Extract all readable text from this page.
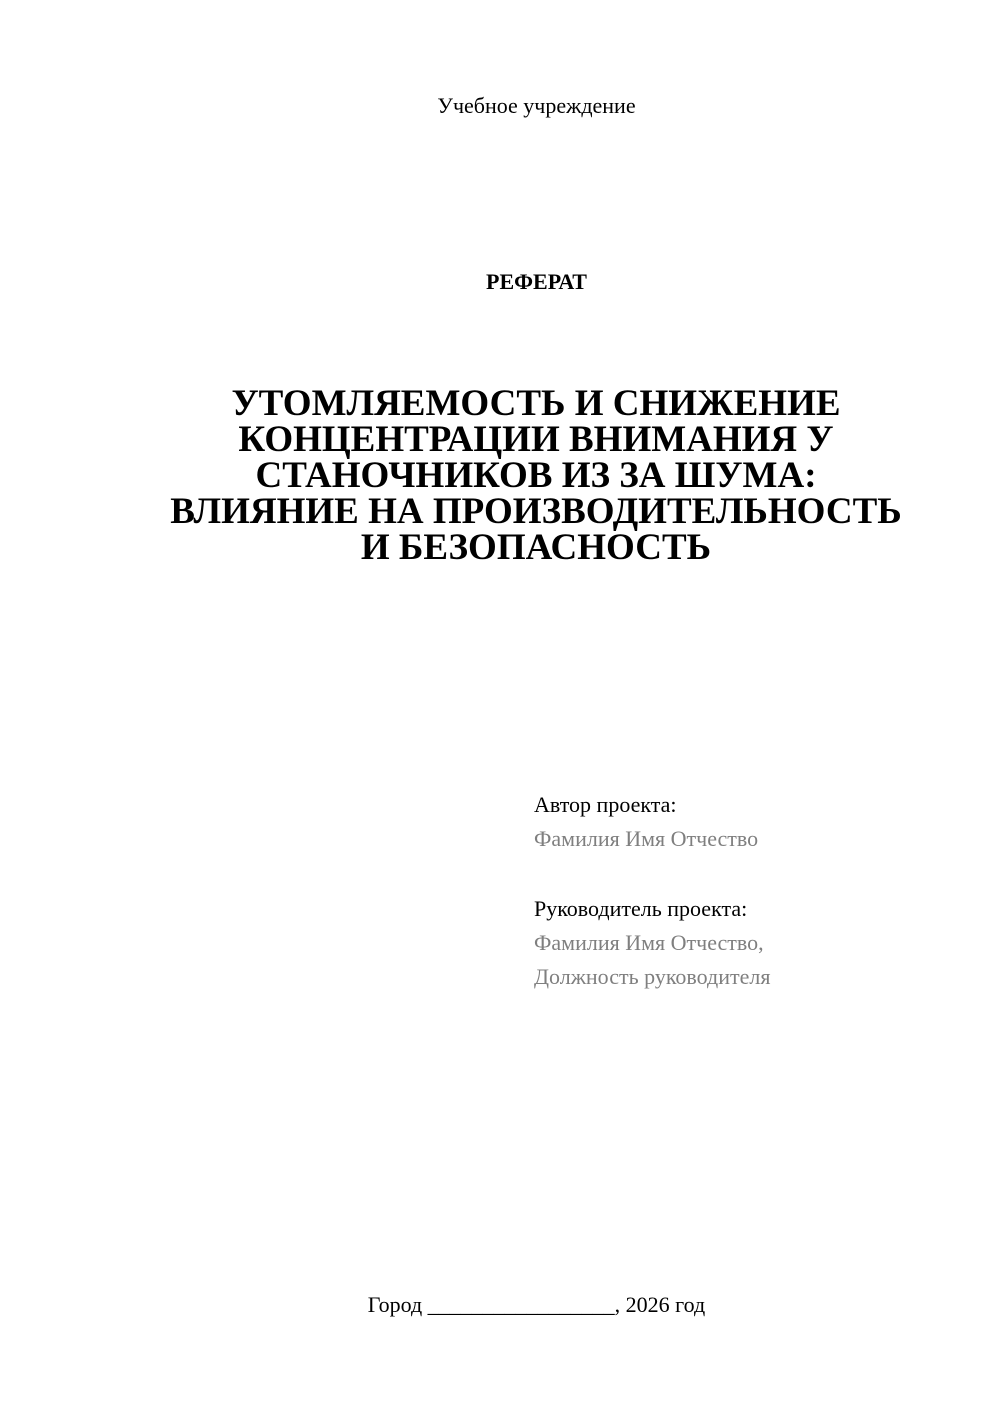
Учебное учреждение
РЕФЕРАТ
УТОМЛЯЕМОСТЬ И СНИЖЕНИЕ
КОНЦЕНТРАЦИИ ВНИМАНИЯ У
СТАНОЧНИКОВ ИЗ ЗА ШУМА:
ВЛИЯНИЕ НА ПРОИЗВОДИТЕЛЬНОСТЬ
И БЕЗОПАСНОСТЬ
Автор проекта:
Фамилия Имя Отчество
Руководитель проекта:
Фамилия Имя Отчество,
Должность руководителя
Город _________________, 2026 год
